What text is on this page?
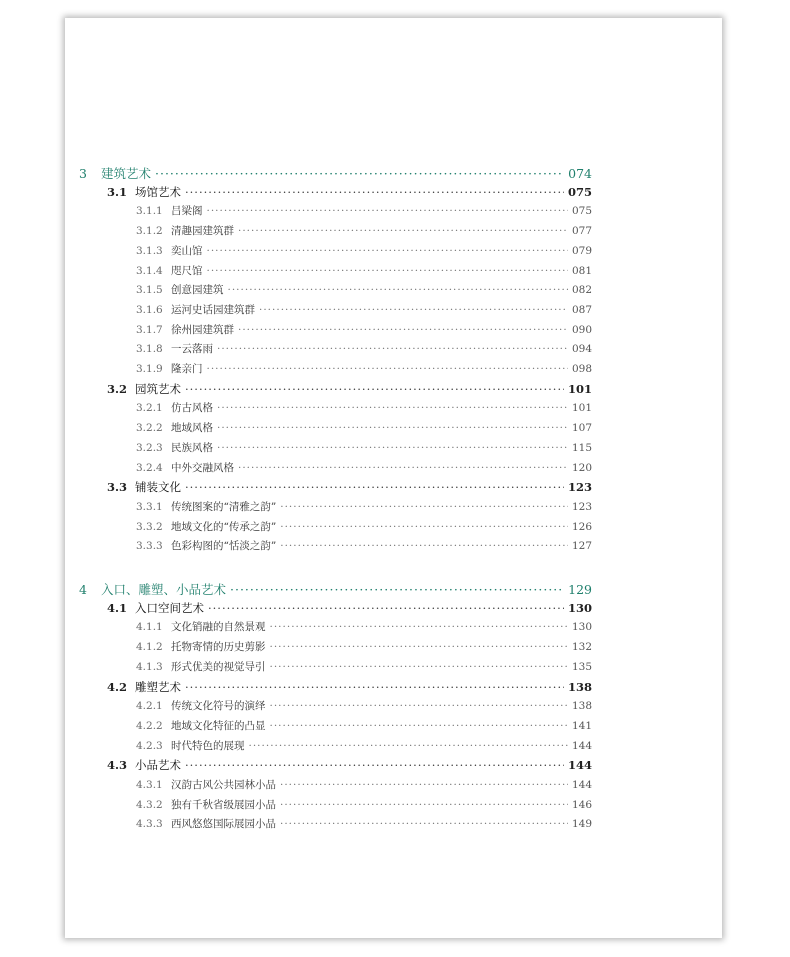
3	建筑艺术 ·····	074
3.1 场馆艺术 ·····	075
3.1.1 吕梁阁 ·····	075
3.1.2 清趣园建筑群 ·····	077
3.1.3 奕山馆 ·····	079
3.1.4 咫尺馆 ·····	081
3.1.5 创意园建筑 ·····	082
3.1.6 运河史话园建筑群 ·····	087
3.1.7 徐州园建筑群 ·····	090
3.1.8 一云落雨 ·····	094
3.1.9 隆亲门 ·····	098
3.2 园筑艺术 ·····	101
3.2.1 仿古风格 ·····	101
3.2.2 地域风格 ·····	107
3.2.3 民族风格 ·····	115
3.2.4 中外交融风格 ·····	120
3.3 铺装文化 ·····	123
3.3.1 传统图案的“清雅之韵” ·····	123
3.3.2 地域文化的“传承之韵” ·····	126
3.3.3 色彩构图的“恬淡之韵” ·····	127
4	入口、雕塑、小品艺术 ·····	129
4.1 入口空间艺术 ·····	130
4.1.1 文化销融的自然景观 ·····	130
4.1.2 托物寄情的历史剪影 ·····	132
4.1.3 形式优美的视觉导引 ·····	135
4.2 雕塑艺术 ·····	138
4.2.1 传统文化符号的演绎 ·····	138
4.2.2 地域文化特征的凸显 ·····	141
4.2.3 时代特色的展现 ·····	144
4.3 小品艺术 ·····	144
4.3.1 汉韵古风公共园林小品 ·····	144
4.3.2 独有千秋省级展园小品 ·····	146
4.3.3 西风悠悠国际展园小品 ·····	149
